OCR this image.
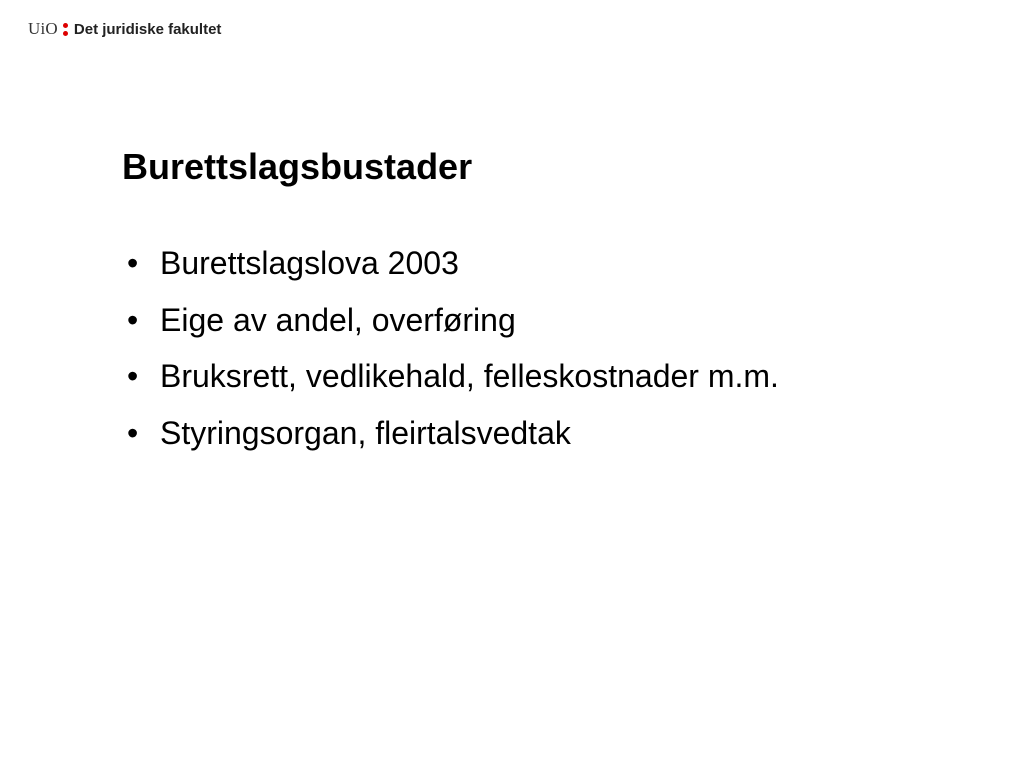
UiO Det juridiske fakultet
Burettslagsbustader
• Burettslagslova 2003
• Eige av andel, overføring
• Bruksrett, vedlikehald, felleskostnader m.m.
• Styringsorgan, fleirtalsvedtak
